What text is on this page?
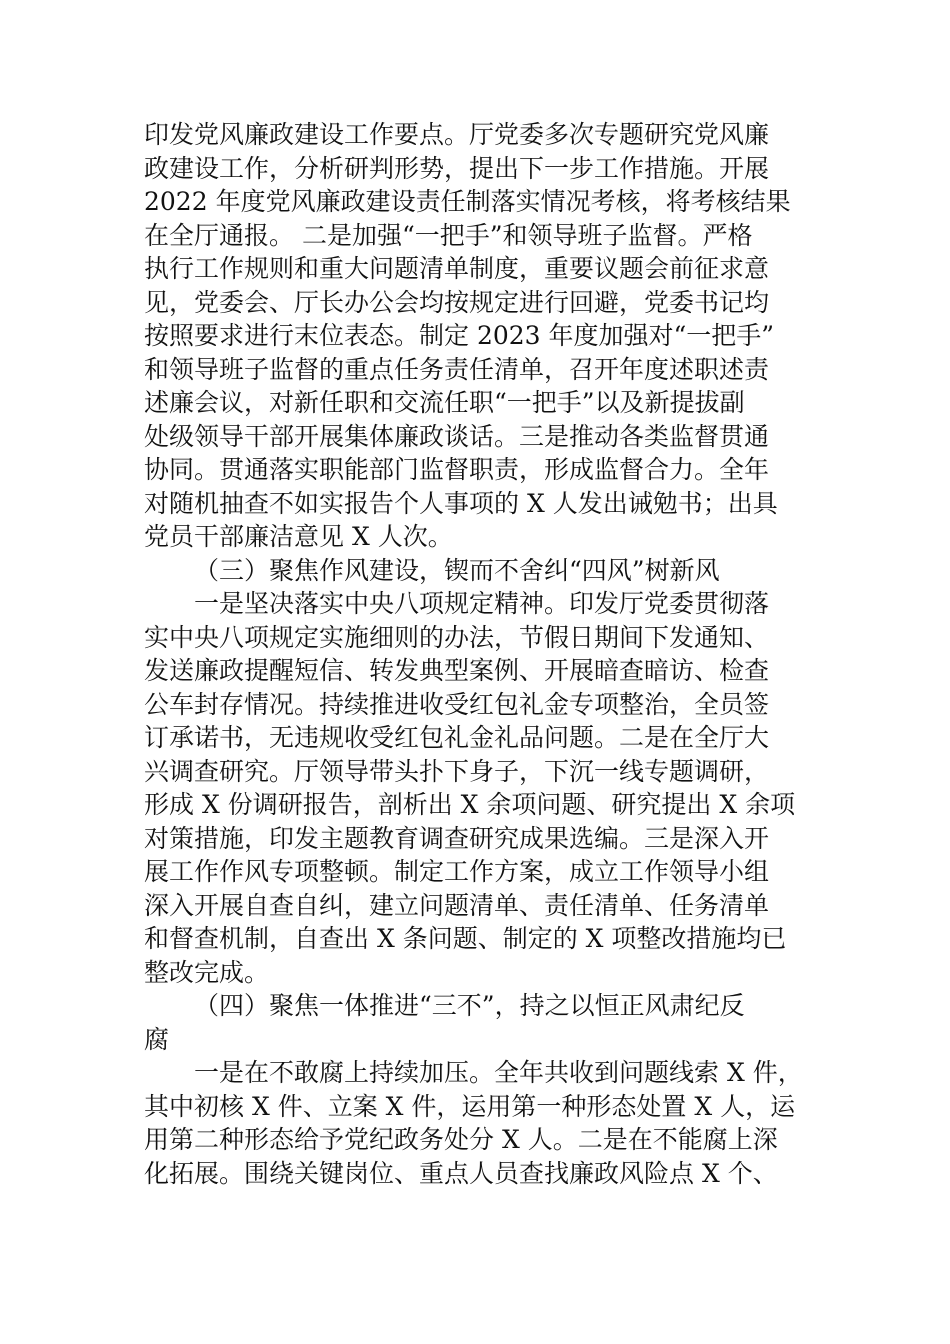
印发党风廉政建设工作要点。厅党委多次专题研究党风廉
政建设工作，分析研判形势，提出下一步工作措施。开展
2022 年度党风廉政建设责任制落实情况考核，将考核结果
在全厅通报。 二是加强“一把手”和领导班子监督。严格
执行工作规则和重大问题清单制度，重要议题会前征求意
见，党委会、厅长办公会均按规定进行回避，党委书记均
按照要求进行末位表态。制定 2023 年度加强对“一把手”
和领导班子监督的重点任务责任清单，召开年度述职述责
述廉会议，对新任职和交流任职“一把手”以及新提拔副
处级领导干部开展集体廉政谈话。三是推动各类监督贯通
协同。贯通落实职能部门监督职责，形成监督合力。全年
对随机抽查不如实报告个人事项的 X 人发出诫勉书；出具
党员干部廉洁意见 X 人次。
（三）聚焦作风建设，锲而不舍纠“四风”树新风
一是坚决落实中央八项规定精神。印发厅党委贯彻落
实中央八项规定实施细则的办法，节假日期间下发通知、
发送廉政提醒短信、转发典型案例、开展暗查暗访、检查
公车封存情况。持续推进收受红包礼金专项整治，全员签
订承诺书，无违规收受红包礼金礼品问题。二是在全厅大
兴调查研究。厅领导带头扑下身子，下沉一线专题调研，
形成 X 份调研报告，剖析出 X 余项问题、研究提出 X 余项
对策措施，印发主题教育调查研究成果选编。三是深入开
展工作作风专项整顿。制定工作方案，成立工作领导小组
深入开展自查自纠，建立问题清单、责任清单、任务清单
和督查机制，自查出 X 条问题、制定的 X 项整改措施均已
整改完成。
（四）聚焦一体推进“三不”，持之以恒正风肃纪反
腐
一是在不敢腐上持续加压。全年共收到问题线索 X 件，
其中初核 X 件、立案 X 件，运用第一种形态处置 X 人，运
用第二种形态给予党纪政务处分 X 人。二是在不能腐上深
化拓展。围绕关键岗位、重点人员查找廉政风险点 X 个、
